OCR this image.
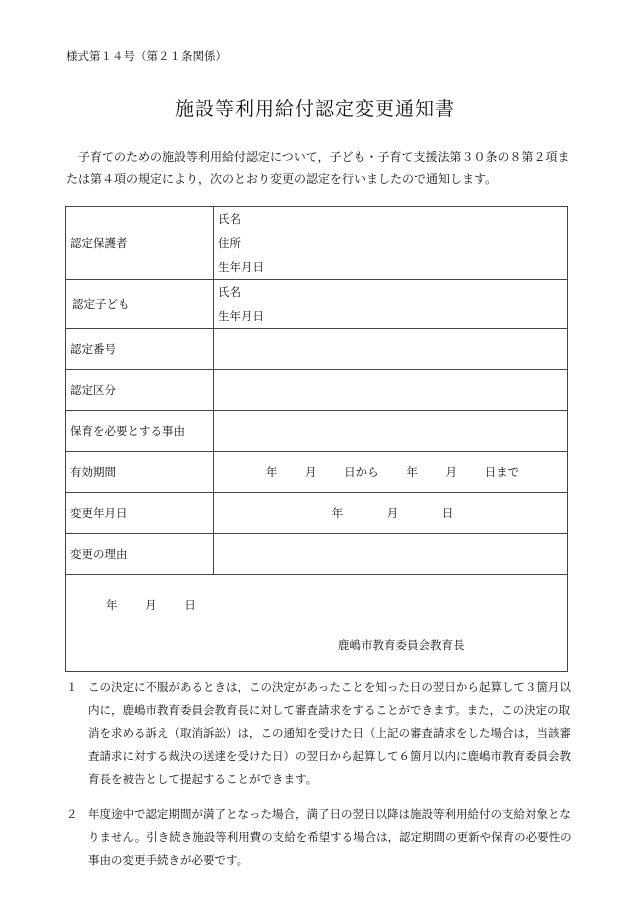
様式第１４号（第２１条関係）
施設等利用給付認定変更通知書
子育てのための施設等利用給付認定について，子ども・子育て支援法第３０条の８第２項または第４項の規定により，次のとおり変更の認定を行いましたので通知します。
認定保護者	氏名
住所
生年月日

認定子ども	氏名
生年月日

認定番号	
認定区分	
保育を必要とする事由	
有効期間	年 月 日から 年 月 日まで
変更年月日	年 月 日
変更の理由	

年 月 日
鹿嶋市教育委員会教育長	
１ この決定に不服があるときは，この決定があったことを知った日の翌日から起算して３箇月以内に，鹿嶋市教育委員会教育長に対して審査請求をすることができます。また，この決定の取消を求める訴え（取消訴訟）は，この通知を受けた日（上記の審査請求をした場合は，当該審査請求に対する裁決の送達を受けた日）の翌日から起算して６箇月以内に鹿嶋市教育委員会教育長を被告として提起することができます。
２ 年度途中で認定期間が満了となった場合，満了日の翌日以降は施設等利用給付の支給対象となりません。引き続き施設等利用費の支給を希望する場合は，認定期間の更新や保育の必要性の事由の変更手続きが必要です。
